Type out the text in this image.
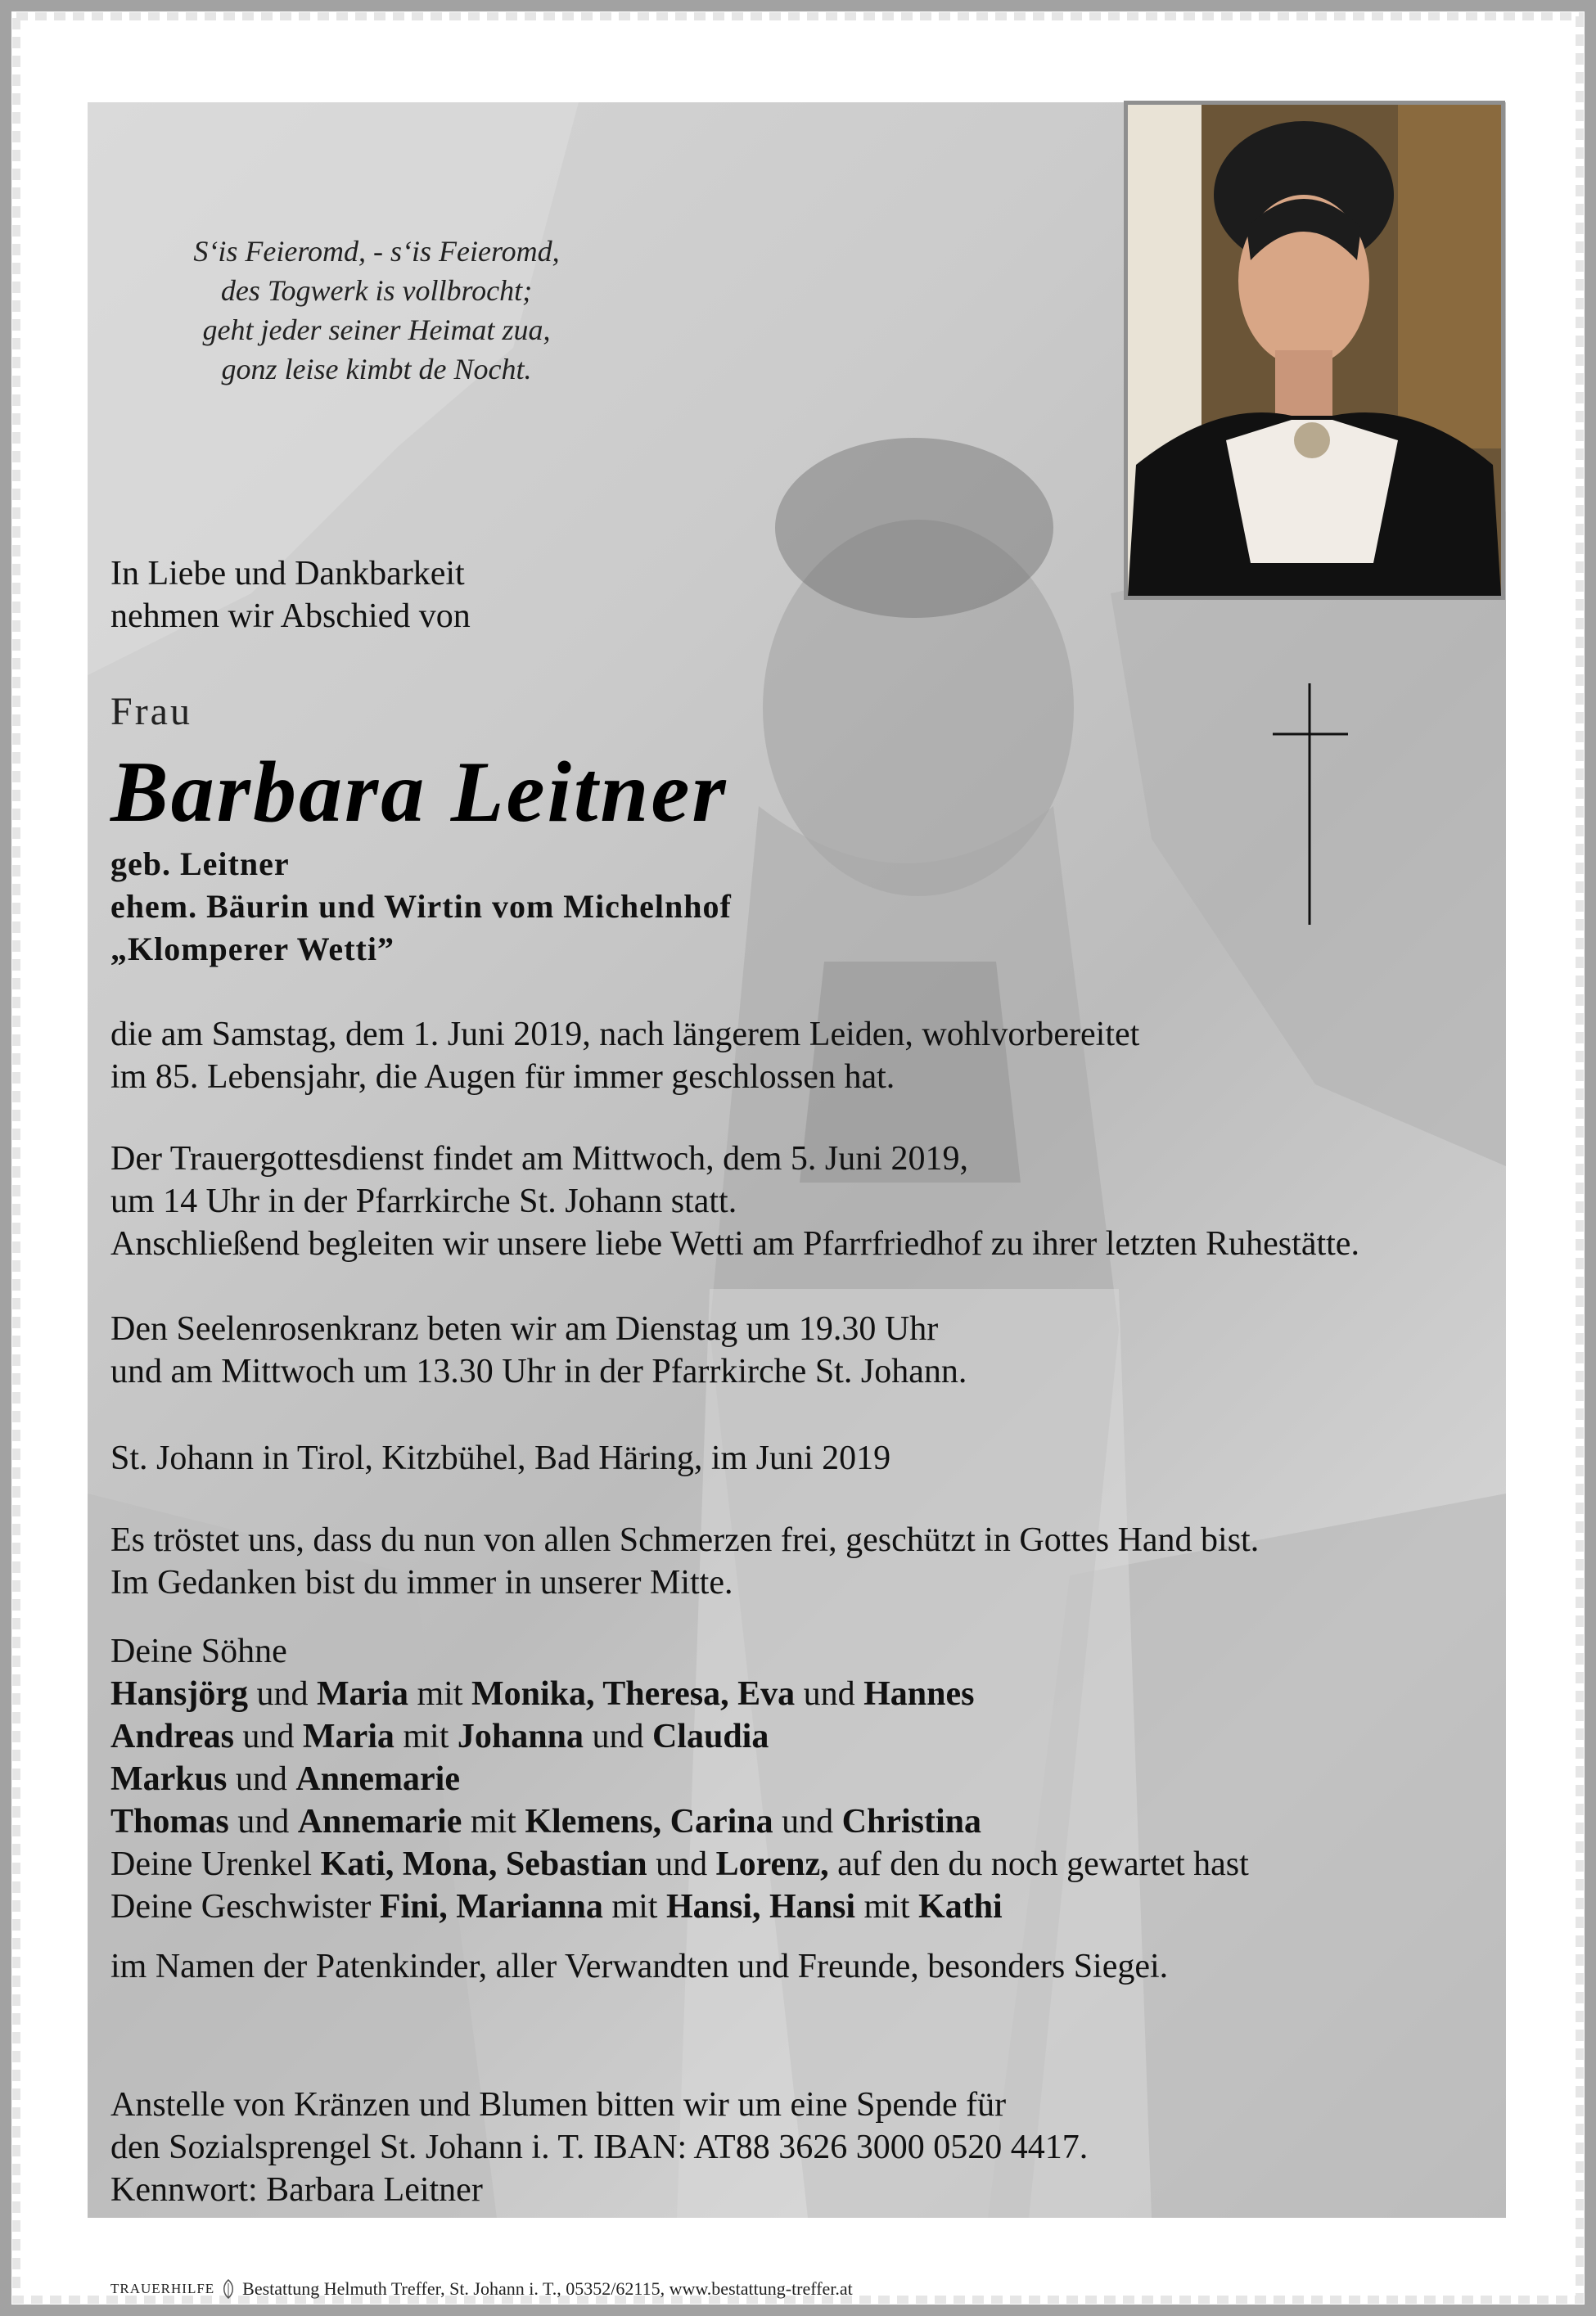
S‘is Feieromd, - s‘is Feieromd,
des Togwerk is vollbrocht;
geht jeder seiner Heimat zua,
gonz leise kimbt de Nocht.
In Liebe und Dankbarkeit
nehmen wir Abschied von
Frau
Barbara Leitner
geb. Leitner
ehem. Bäurin und Wirtin vom Michelnhof
„Klomperer Wetti”
die am Samstag, dem 1. Juni 2019, nach längerem Leiden, wohlvorbereitet
im 85. Lebensjahr, die Augen für immer geschlossen hat.
Der Trauergottesdienst findet am Mittwoch, dem 5. Juni 2019,
um 14 Uhr in der Pfarrkirche St. Johann statt.
Anschließend begleiten wir unsere liebe Wetti am Pfarrfriedhof zu ihrer letzten Ruhestätte.
Den Seelenrosenkranz beten wir am Dienstag um 19.30 Uhr
und am Mittwoch um 13.30 Uhr in der Pfarrkirche St. Johann.
St. Johann in Tirol, Kitzbühel, Bad Häring, im Juni 2019
Es tröstet uns, dass du nun von allen Schmerzen frei, geschützt in Gottes Hand bist.
Im Gedanken bist du immer in unserer Mitte.
Deine Söhne
Hansjörg und Maria mit Monika, Theresa, Eva und Hannes
Andreas und Maria mit Johanna und Claudia
Markus und Annemarie
Thomas und Annemarie mit Klemens, Carina und Christina
Deine Urenkel Kati, Mona, Sebastian und Lorenz, auf den du noch gewartet hast
Deine Geschwister Fini, Marianna mit Hansi, Hansi mit Kathi
im Namen der Patenkinder, aller Verwandten und Freunde, besonders Siegei.
Anstelle von Kränzen und Blumen bitten wir um eine Spende für
den Sozialsprengel St. Johann i. T. IBAN: AT88 3626 3000 0520 4417.
Kennwort: Barbara Leitner
TRAUERHILFE Bestattung Helmuth Treffer, St. Johann i. T., 05352/62115, www.bestattung-treffer.at
